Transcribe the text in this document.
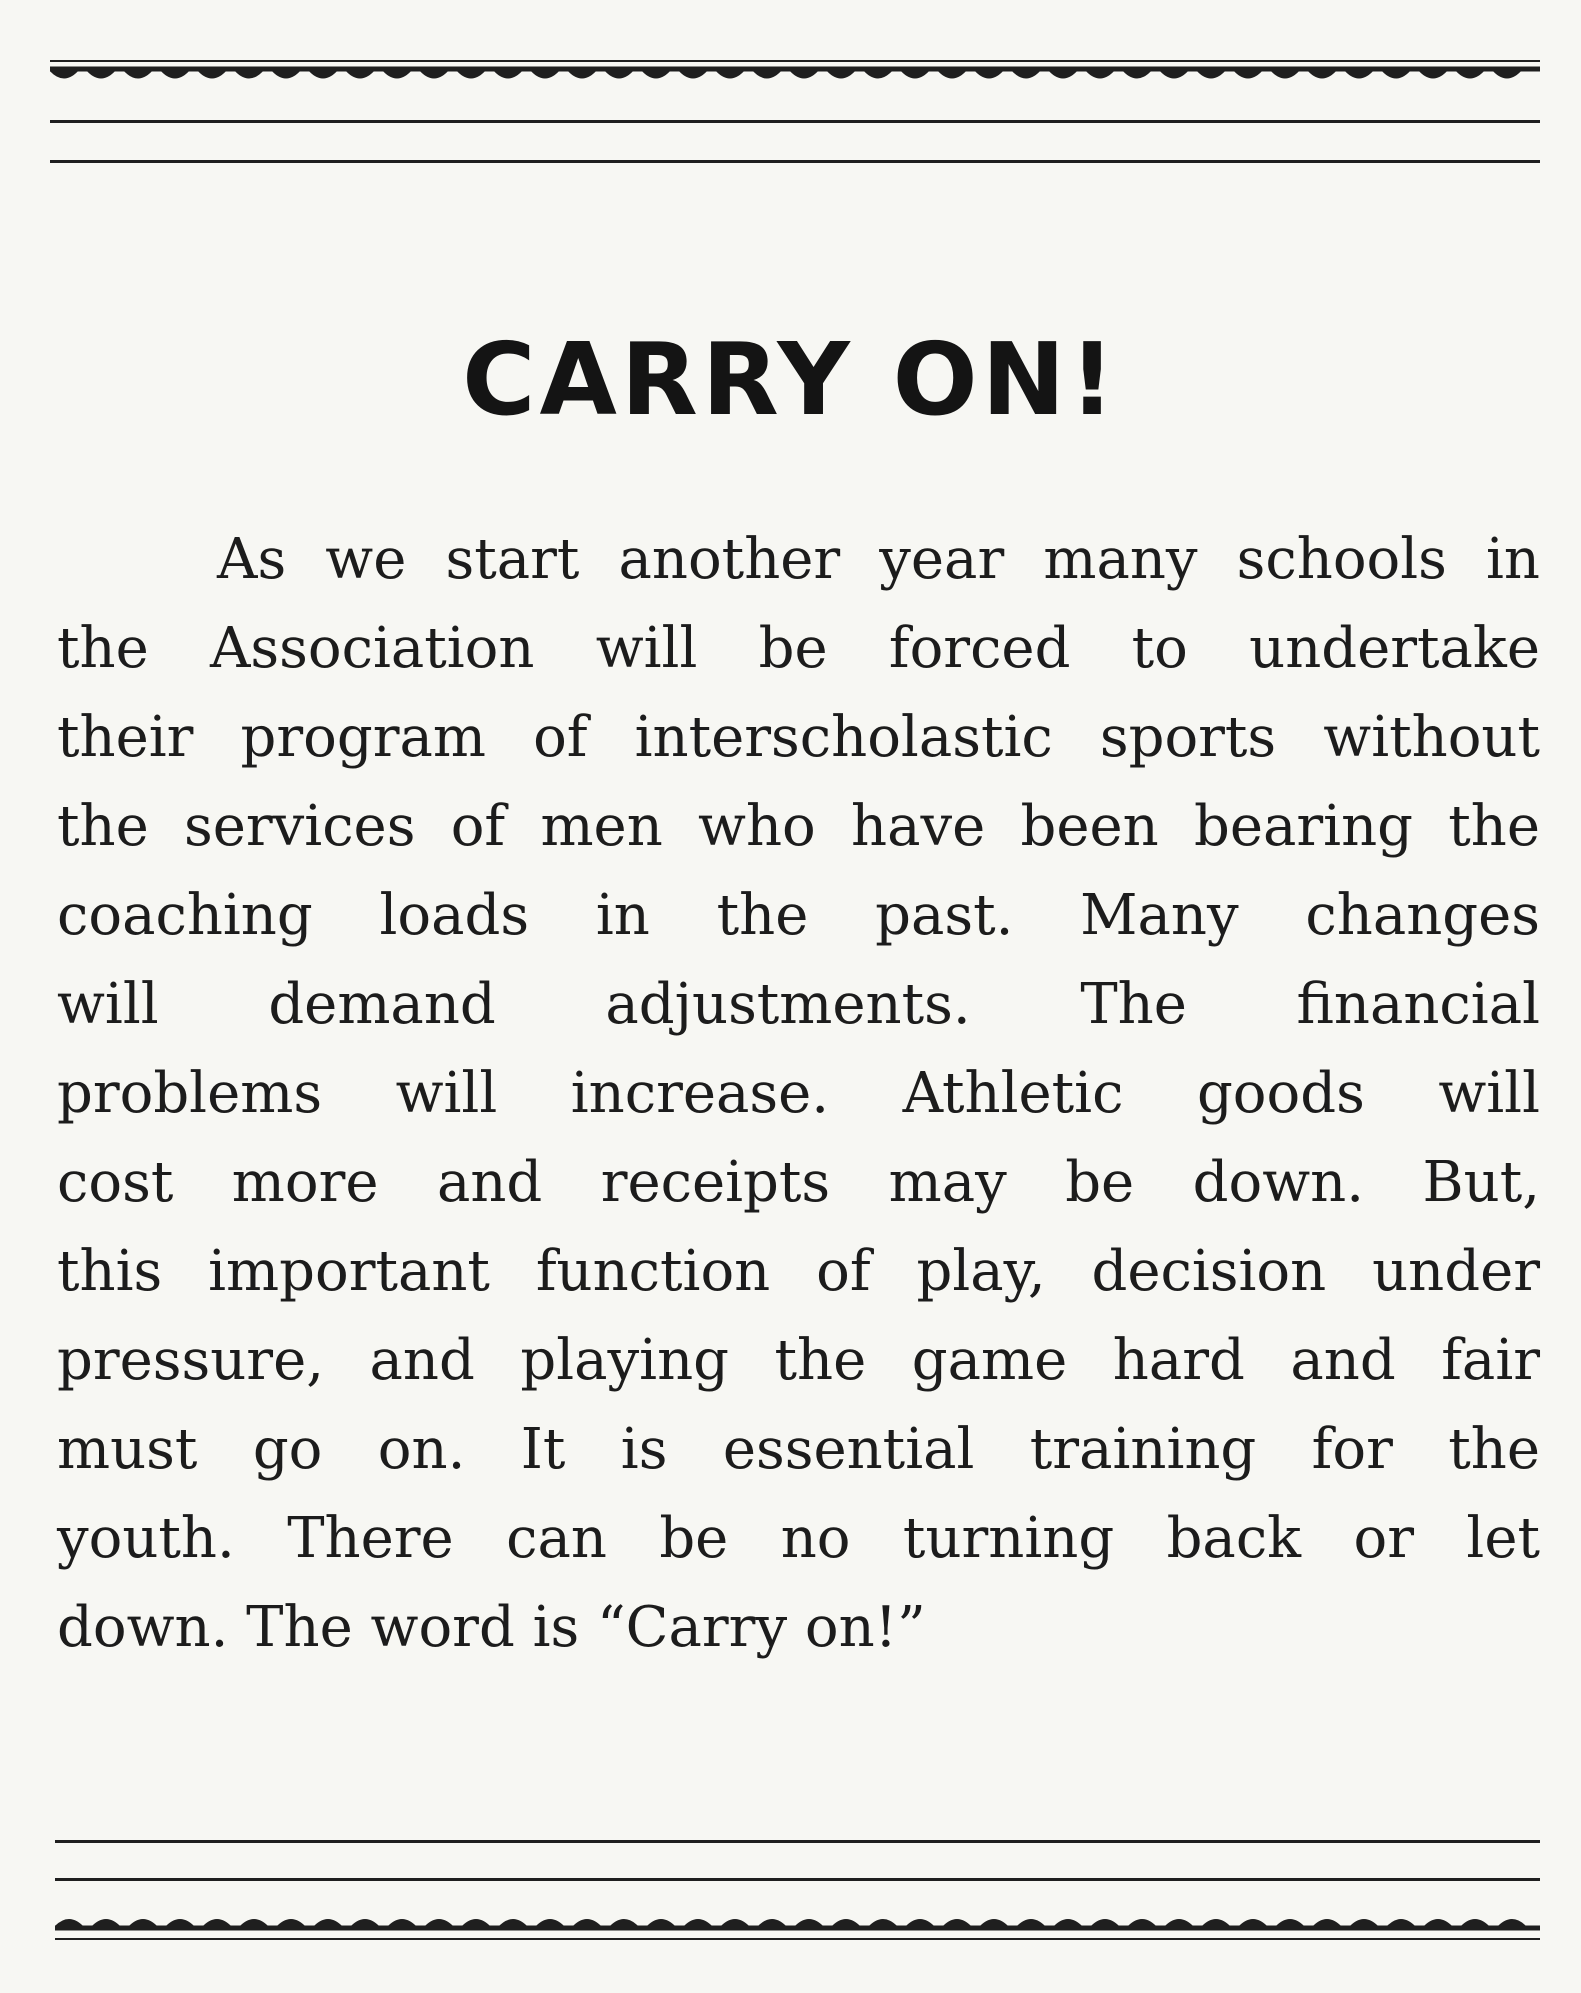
CARRY ON!
As we start another year many schools in
the Association will be forced to undertake
their program of interscholastic sports without
the services of men who have been bearing the
coaching loads in the past. Many changes
will demand adjustments. The financial
problems will increase. Athletic goods will
cost more and receipts may be down. But,
this important function of play, decision under
pressure, and playing the game hard and fair
must go on. It is essential training for the
youth. There can be no turning back or let
down. The word is “Carry on!”
